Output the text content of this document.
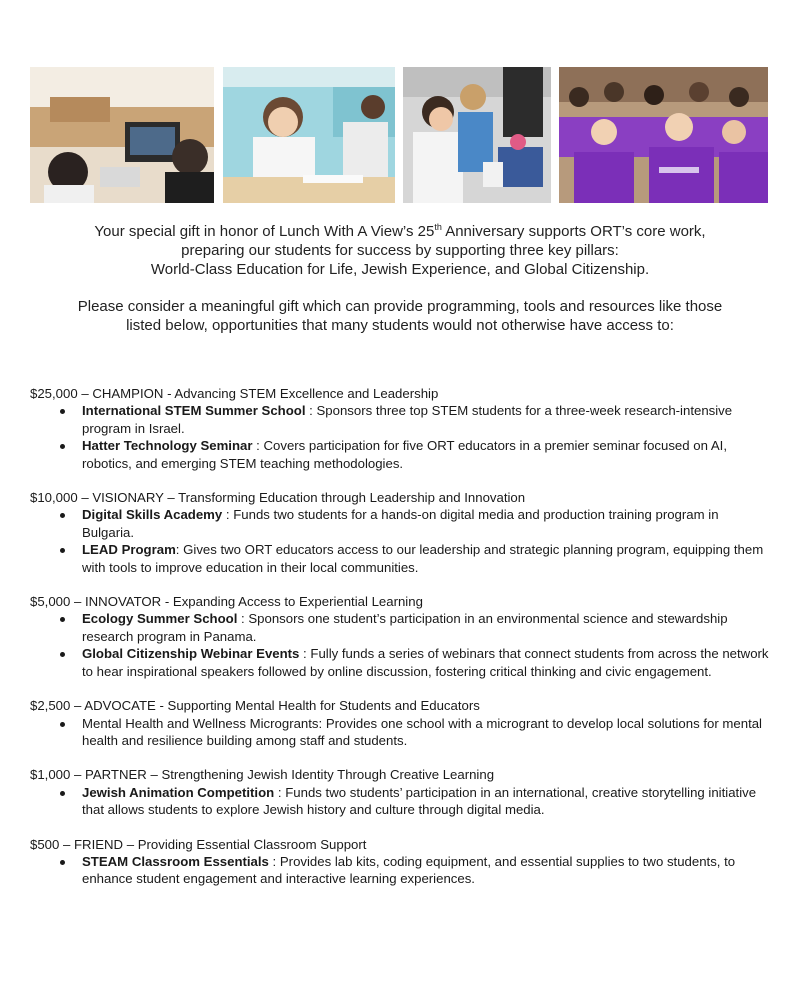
Your special gift in honor of Lunch With A View’s 25th Anniversary supports ORT’s core work,

preparing our students for success by supporting three key pillars:

World-Class Education for Life, Jewish Experience, and Global Citizenship.

Please consider a meaningful gift which can provide programming, tools and resources like those

listed below, opportunities that many students would not otherwise have access to:

$25,000 – CHAMPION - Advancing STEM Excellence and Leadership

International STEM Summer School : Sponsors three top STEM students for a three-week research-intensive program in Israel.
Hatter Technology Seminar : Covers participation for five ORT educators in a premier seminar focused on AI, robotics, and emerging STEM teaching methodologies.

$10,000 – VISIONARY – Transforming Education through Leadership and Innovation

Digital Skills Academy : Funds two students for a hands-on digital media and production training program in Bulgaria.
LEAD Program: Gives two ORT educators access to our leadership and strategic planning program, equipping them with tools to improve education in their local communities.

$5,000 – INNOVATOR - Expanding Access to Experiential Learning

Ecology Summer School : Sponsors one student’s participation in an environmental science and stewardship research program in Panama.
Global Citizenship Webinar Events : Fully funds a series of webinars that connect students from across the network to hear inspirational speakers followed by online discussion, fostering critical thinking and civic engagement.

$2,500 – ADVOCATE - Supporting Mental Health for Students and Educators

Mental Health and Wellness Microgrants: Provides one school with a microgrant to develop local solutions for mental health and resilience building among staff and students.

$1,000 – PARTNER – Strengthening Jewish Identity Through Creative Learning

Jewish Animation Competition : Funds two students’ participation in an international, creative storytelling initiative that allows students to explore Jewish history and culture through digital media.

$500 – FRIEND – Providing Essential Classroom Support

STEAM Classroom Essentials : Provides lab kits, coding equipment, and essential supplies to two students, to enhance student engagement and interactive learning experiences.
